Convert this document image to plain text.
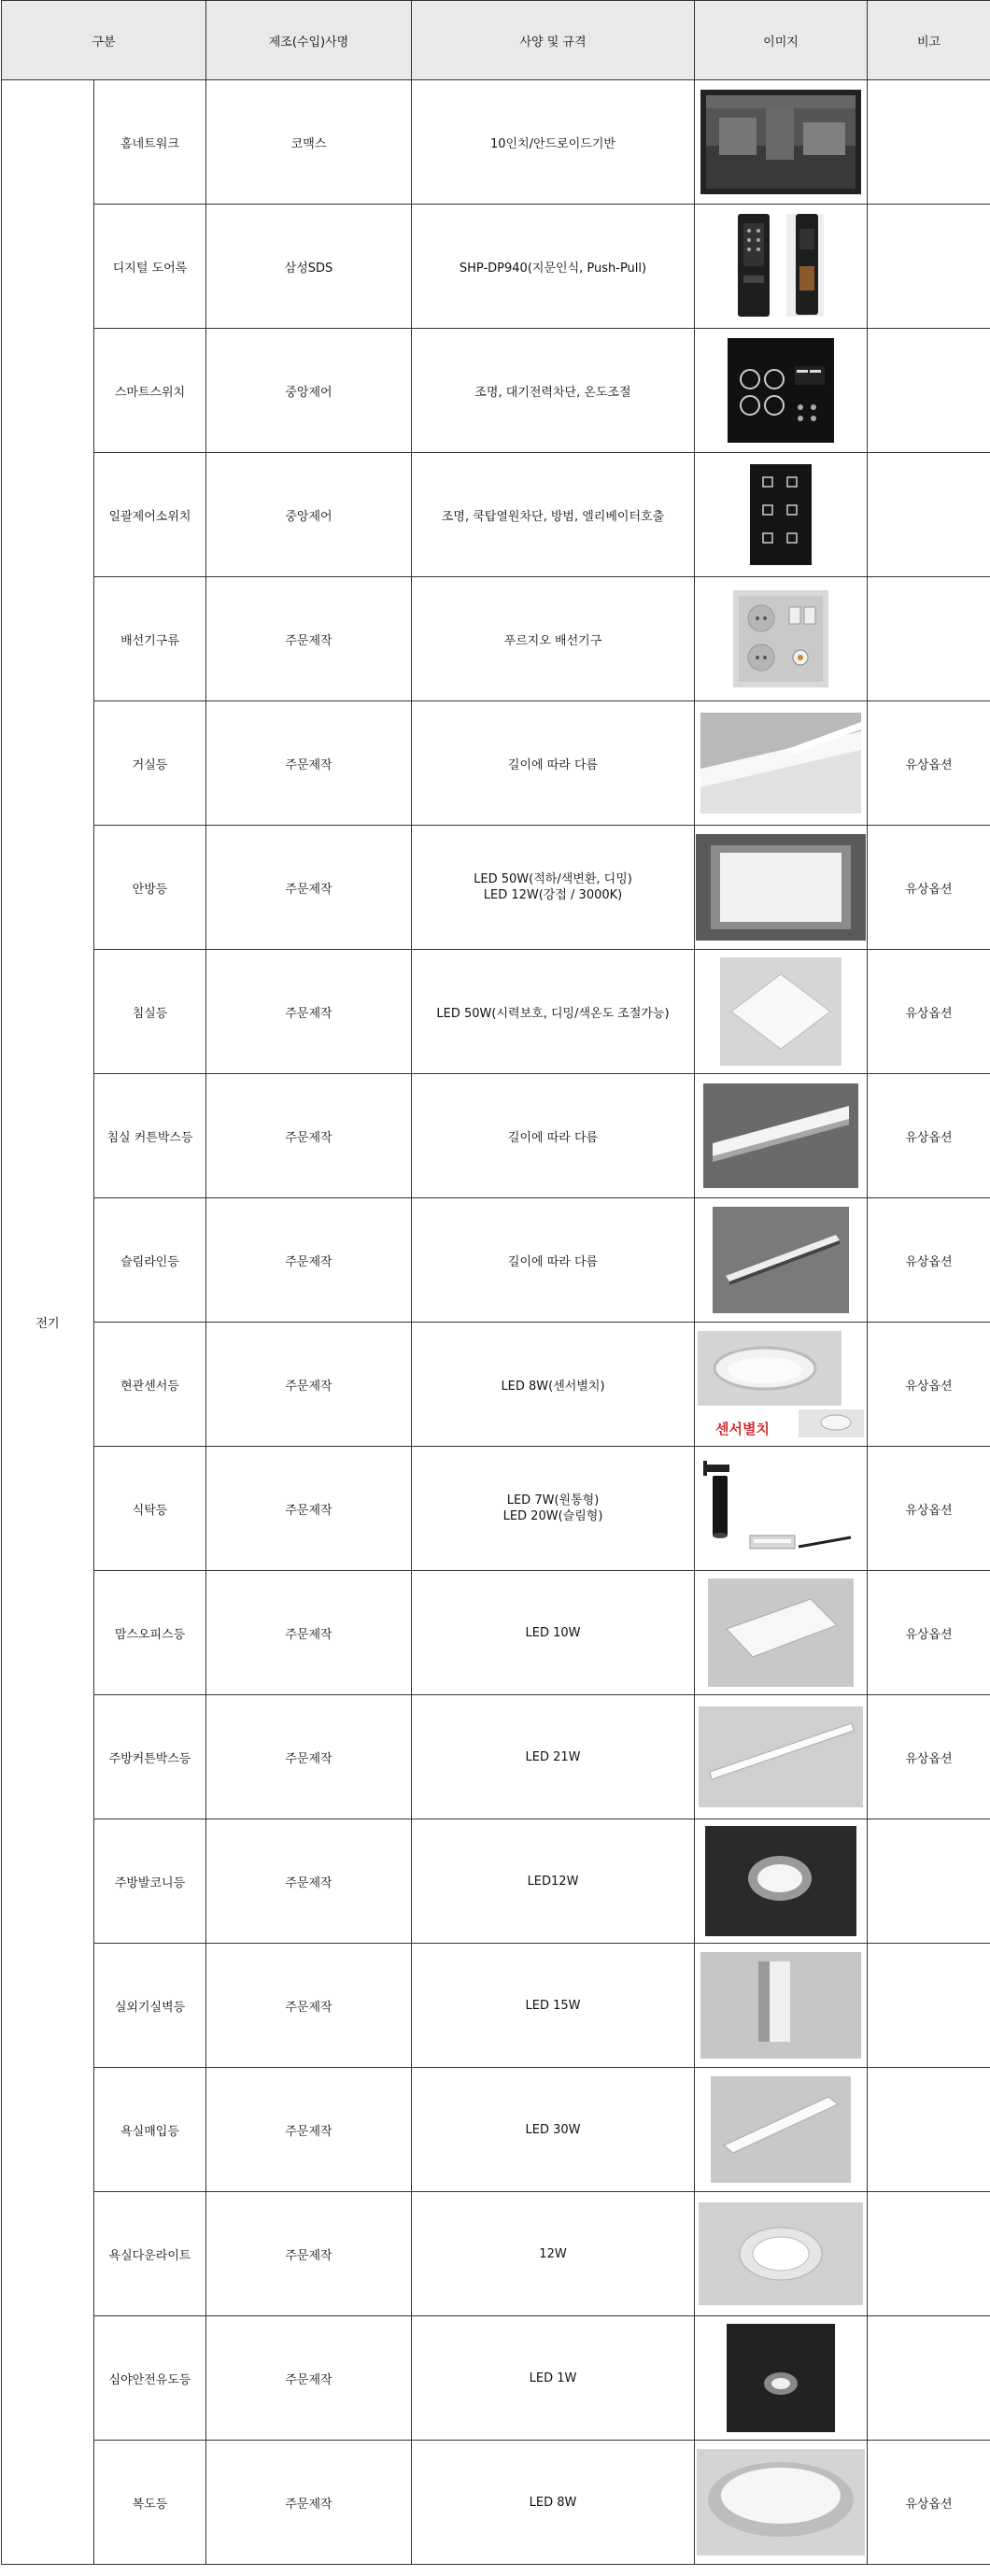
구분		제조(수입)사명	사양 및 규격	이미지	비고
전기	홈네트워크	코맥스	10인치/안드로이드기반	

	디지털 도어록	삼성SDS	SHP-DP940(지문인식, Push-Pull)	

	스마트스위치	중앙제어	조명, 대기전력차단, 온도조절	

	일괄제어소위치	중앙제어	조명, 쿡탑열원차단, 방범, 엘리베이터호출	

	배선기구류	주문제작	푸르지오 배선기구	

	거실등	주문제작	길이에 따라 다름		유상옵션
	안방등	주문제작	LED 50W(적하/색변환, 디밍)
LED 12W(강접 / 3000K)		유상옵션
	침실등	주문제작	LED 50W(시력보호, 디밍/색온도 조절가능)		유상옵션
	침실 커튼박스등	주문제작	길이에 따라 다름		유상옵션
	슬림라인등	주문제작	길이에 따라 다름		유상옵션
	현관센서등	주문제작	LED 8W(센서별치)	센서별치	유상옵션
	식탁등	주문제작	LED 7W(원통형)
LED 20W(슬림형)		유상옵션
	맘스오피스등	주문제작	LED 10W		유상옵션
	주방커튼박스등	주문제작	LED 21W		유상옵션
	주방발코니등	주문제작	LED12W	

	실외기실벽등	주문제작	LED 15W	

	욕실매입등	주문제작	LED 30W	

	욕실다운라이트	주문제작	12W	

	심야안전유도등	주문제작	LED 1W	

	복도등	주문제작	LED 8W		유상옵션
